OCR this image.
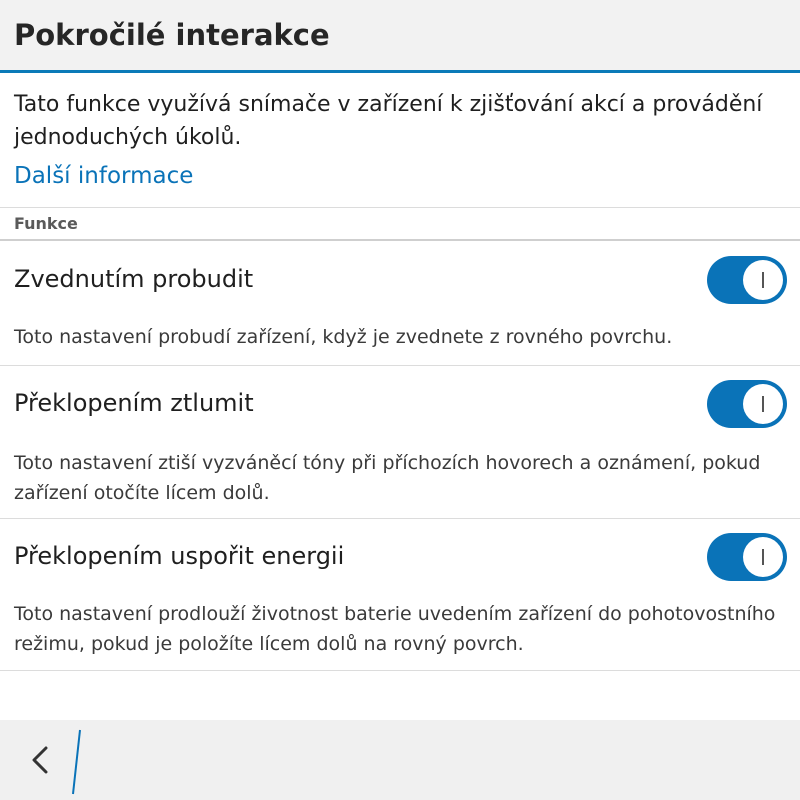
Pokročilé interakce
Tato funkce využívá snímače v zařízení k zjišťování akcí a provádění jednoduchých úkolů.
Další informace
Funkce
Zvednutím probudit
Toto nastavení probudí zařízení, když je zvednete z rovného povrchu.
Překlopením ztlumit
Toto nastavení ztiší vyzváněcí tóny při příchozích hovorech a oznámení, pokud zařízení otočíte lícem dolů.
Překlopením uspořit energii
Toto nastavení prodlouží životnost baterie uvedením zařízení do pohotovostního režimu, pokud je položíte lícem dolů na rovný povrch.
